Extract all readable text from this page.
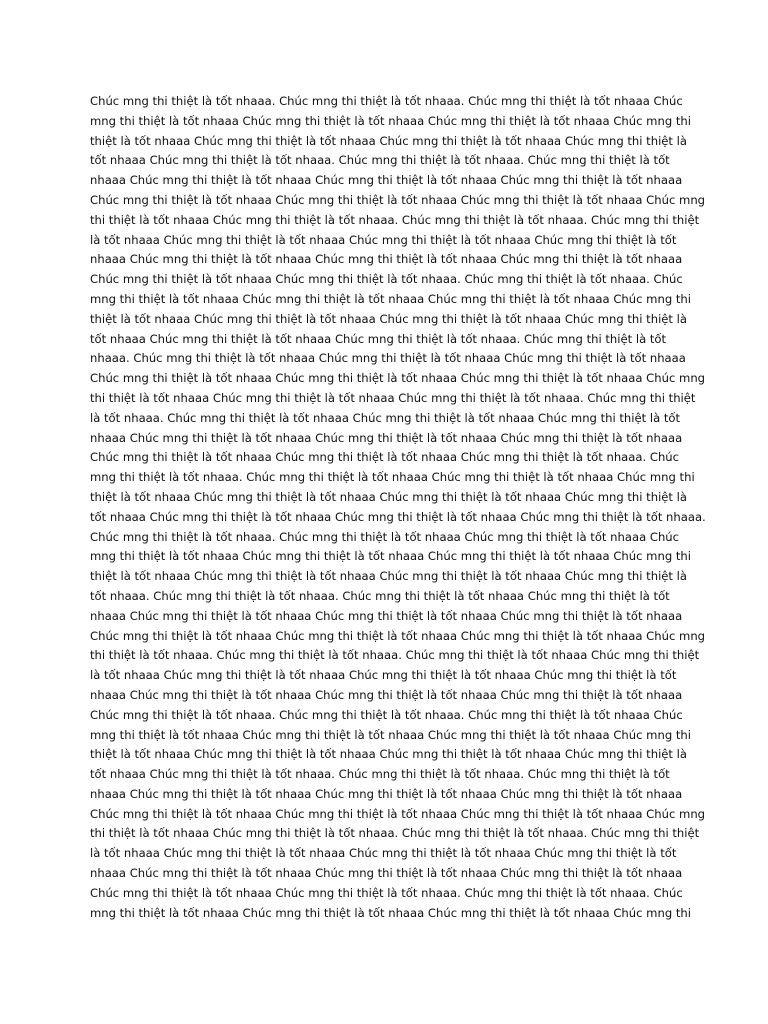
Chúc mng thi thiệt là tốt nhaaa. Chúc mng thi thiệt là tốt nhaaa. Chúc mng thi thiệt là tốt nhaaa Chúc
mng thi thiệt là tốt nhaaa Chúc mng thi thiệt là tốt nhaaa Chúc mng thi thiệt là tốt nhaaa Chúc mng thi
thiệt là tốt nhaaa Chúc mng thi thiệt là tốt nhaaa Chúc mng thi thiệt là tốt nhaaa Chúc mng thi thiệt là
tốt nhaaa Chúc mng thi thiệt là tốt nhaaa. Chúc mng thi thiệt là tốt nhaaa. Chúc mng thi thiệt là tốt
nhaaa Chúc mng thi thiệt là tốt nhaaa Chúc mng thi thiệt là tốt nhaaa Chúc mng thi thiệt là tốt nhaaa
Chúc mng thi thiệt là tốt nhaaa Chúc mng thi thiệt là tốt nhaaa Chúc mng thi thiệt là tốt nhaaa Chúc mng
thi thiệt là tốt nhaaa Chúc mng thi thiệt là tốt nhaaa. Chúc mng thi thiệt là tốt nhaaa. Chúc mng thi thiệt
là tốt nhaaa Chúc mng thi thiệt là tốt nhaaa Chúc mng thi thiệt là tốt nhaaa Chúc mng thi thiệt là tốt
nhaaa Chúc mng thi thiệt là tốt nhaaa Chúc mng thi thiệt là tốt nhaaa Chúc mng thi thiệt là tốt nhaaa
Chúc mng thi thiệt là tốt nhaaa Chúc mng thi thiệt là tốt nhaaa. Chúc mng thi thiệt là tốt nhaaa. Chúc
mng thi thiệt là tốt nhaaa Chúc mng thi thiệt là tốt nhaaa Chúc mng thi thiệt là tốt nhaaa Chúc mng thi
thiệt là tốt nhaaa Chúc mng thi thiệt là tốt nhaaa Chúc mng thi thiệt là tốt nhaaa Chúc mng thi thiệt là
tốt nhaaa Chúc mng thi thiệt là tốt nhaaa Chúc mng thi thiệt là tốt nhaaa. Chúc mng thi thiệt là tốt
nhaaa. Chúc mng thi thiệt là tốt nhaaa Chúc mng thi thiệt là tốt nhaaa Chúc mng thi thiệt là tốt nhaaa
Chúc mng thi thiệt là tốt nhaaa Chúc mng thi thiệt là tốt nhaaa Chúc mng thi thiệt là tốt nhaaa Chúc mng
thi thiệt là tốt nhaaa Chúc mng thi thiệt là tốt nhaaa Chúc mng thi thiệt là tốt nhaaa. Chúc mng thi thiệt
là tốt nhaaa. Chúc mng thi thiệt là tốt nhaaa Chúc mng thi thiệt là tốt nhaaa Chúc mng thi thiệt là tốt
nhaaa Chúc mng thi thiệt là tốt nhaaa Chúc mng thi thiệt là tốt nhaaa Chúc mng thi thiệt là tốt nhaaa
Chúc mng thi thiệt là tốt nhaaa Chúc mng thi thiệt là tốt nhaaa Chúc mng thi thiệt là tốt nhaaa. Chúc
mng thi thiệt là tốt nhaaa. Chúc mng thi thiệt là tốt nhaaa Chúc mng thi thiệt là tốt nhaaa Chúc mng thi
thiệt là tốt nhaaa Chúc mng thi thiệt là tốt nhaaa Chúc mng thi thiệt là tốt nhaaa Chúc mng thi thiệt là
tốt nhaaa Chúc mng thi thiệt là tốt nhaaa Chúc mng thi thiệt là tốt nhaaa Chúc mng thi thiệt là tốt nhaaa.
Chúc mng thi thiệt là tốt nhaaa. Chúc mng thi thiệt là tốt nhaaa Chúc mng thi thiệt là tốt nhaaa Chúc
mng thi thiệt là tốt nhaaa Chúc mng thi thiệt là tốt nhaaa Chúc mng thi thiệt là tốt nhaaa Chúc mng thi
thiệt là tốt nhaaa Chúc mng thi thiệt là tốt nhaaa Chúc mng thi thiệt là tốt nhaaa Chúc mng thi thiệt là
tốt nhaaa. Chúc mng thi thiệt là tốt nhaaa. Chúc mng thi thiệt là tốt nhaaa Chúc mng thi thiệt là tốt
nhaaa Chúc mng thi thiệt là tốt nhaaa Chúc mng thi thiệt là tốt nhaaa Chúc mng thi thiệt là tốt nhaaa
Chúc mng thi thiệt là tốt nhaaa Chúc mng thi thiệt là tốt nhaaa Chúc mng thi thiệt là tốt nhaaa Chúc mng
thi thiệt là tốt nhaaa. Chúc mng thi thiệt là tốt nhaaa. Chúc mng thi thiệt là tốt nhaaa Chúc mng thi thiệt
là tốt nhaaa Chúc mng thi thiệt là tốt nhaaa Chúc mng thi thiệt là tốt nhaaa Chúc mng thi thiệt là tốt
nhaaa Chúc mng thi thiệt là tốt nhaaa Chúc mng thi thiệt là tốt nhaaa Chúc mng thi thiệt là tốt nhaaa
Chúc mng thi thiệt là tốt nhaaa. Chúc mng thi thiệt là tốt nhaaa. Chúc mng thi thiệt là tốt nhaaa Chúc
mng thi thiệt là tốt nhaaa Chúc mng thi thiệt là tốt nhaaa Chúc mng thi thiệt là tốt nhaaa Chúc mng thi
thiệt là tốt nhaaa Chúc mng thi thiệt là tốt nhaaa Chúc mng thi thiệt là tốt nhaaa Chúc mng thi thiệt là
tốt nhaaa Chúc mng thi thiệt là tốt nhaaa. Chúc mng thi thiệt là tốt nhaaa. Chúc mng thi thiệt là tốt
nhaaa Chúc mng thi thiệt là tốt nhaaa Chúc mng thi thiệt là tốt nhaaa Chúc mng thi thiệt là tốt nhaaa
Chúc mng thi thiệt là tốt nhaaa Chúc mng thi thiệt là tốt nhaaa Chúc mng thi thiệt là tốt nhaaa Chúc mng
thi thiệt là tốt nhaaa Chúc mng thi thiệt là tốt nhaaa. Chúc mng thi thiệt là tốt nhaaa. Chúc mng thi thiệt
là tốt nhaaa Chúc mng thi thiệt là tốt nhaaa Chúc mng thi thiệt là tốt nhaaa Chúc mng thi thiệt là tốt
nhaaa Chúc mng thi thiệt là tốt nhaaa Chúc mng thi thiệt là tốt nhaaa Chúc mng thi thiệt là tốt nhaaa
Chúc mng thi thiệt là tốt nhaaa Chúc mng thi thiệt là tốt nhaaa. Chúc mng thi thiệt là tốt nhaaa. Chúc
mng thi thiệt là tốt nhaaa Chúc mng thi thiệt là tốt nhaaa Chúc mng thi thiệt là tốt nhaaa Chúc mng thi
